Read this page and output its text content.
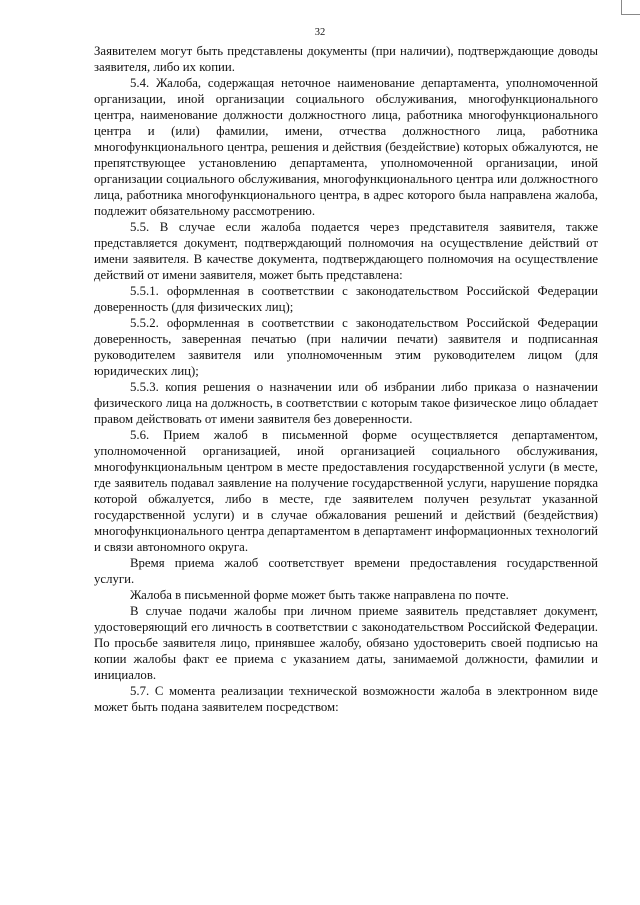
32

Заявителем могут быть представлены документы (при наличии), подтверждающие доводы заявителя, либо их копии.

5.4. Жалоба, содержащая неточное наименование департамента, уполномоченной организации, иной организации социального обслуживания, многофункционального центра, наименование должности должностного лица, работника многофункционального центра и (или) фамилии, имени, отчества должностного лица, работника многофункционального центра, решения и действия (бездействие) которых обжалуются, не препятствующее установлению департамента, уполномоченной организации, иной организации социального обслуживания, многофункционального центра или должностного лица, работника многофункционального центра, в адрес которого была направлена жалоба, подлежит обязательному рассмотрению.

5.5. В случае если жалоба подается через представителя заявителя, также представляется документ, подтверждающий полномочия на осуществление действий от имени заявителя. В качестве документа, подтверждающего полномочия на осуществление действий от имени заявителя, может быть представлена:

5.5.1. оформленная в соответствии с законодательством Российской Федерации доверенность (для физических лиц);

5.5.2. оформленная в соответствии с законодательством Российской Федерации доверенность, заверенная печатью (при наличии печати) заявителя и подписанная руководителем заявителя или уполномоченным этим руководителем лицом (для юридических лиц);

5.5.3. копия решения о назначении или об избрании либо приказа о назначении физического лица на должность, в соответствии с которым такое физическое лицо обладает правом действовать от имени заявителя без доверенности.

5.6. Прием жалоб в письменной форме осуществляется департаментом, уполномоченной организацией, иной организацией социального обслуживания, многофункциональным центром в месте предоставления государственной услуги (в месте, где заявитель подавал заявление на получение государственной услуги, нарушение порядка которой обжалуется, либо в месте, где заявителем получен результат указанной государственной услуги) и в случае обжалования решений и действий (бездействия) многофункционального центра департаментом в департамент информационных технологий и связи автономного округа.

Время приема жалоб соответствует времени предоставления государственной услуги.

Жалоба в письменной форме может быть также направлена по почте.

В случае подачи жалобы при личном приеме заявитель представляет документ, удостоверяющий его личность в соответствии с законодательством Российской Федерации. По просьбе заявителя лицо, принявшее жалобу, обязано удостоверить своей подписью на копии жалобы факт ее приема с указанием даты, занимаемой должности, фамилии и инициалов.

5.7. С момента реализации технической возможности жалоба в электронном виде может быть подана заявителем посредством:
